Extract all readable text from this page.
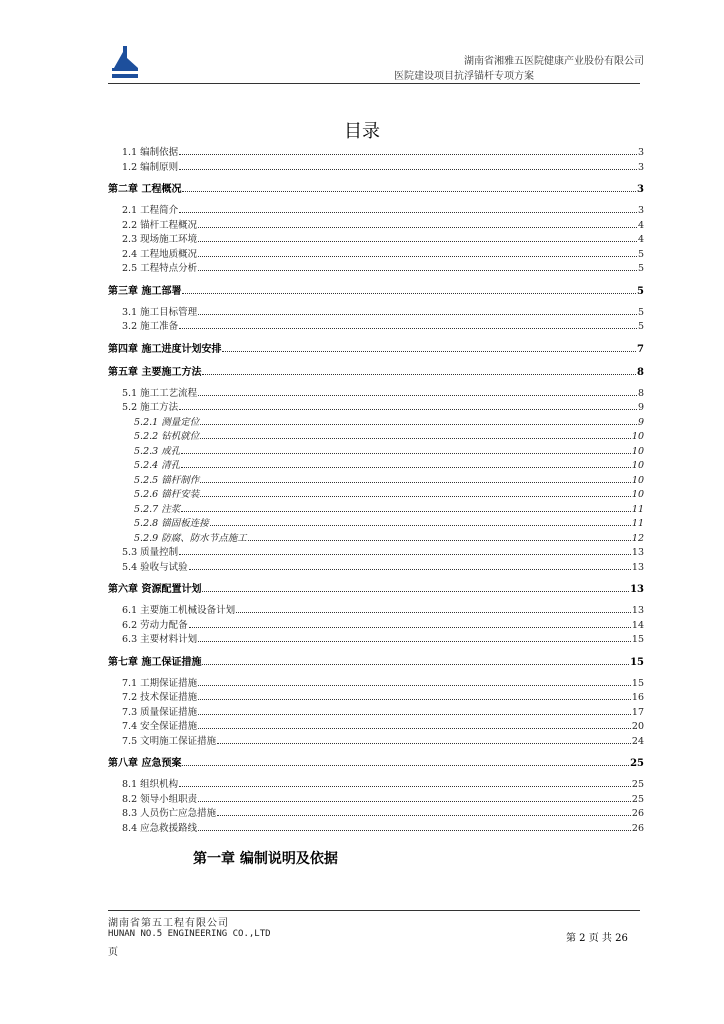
湖南省湘雅五医院健康产业股份有限公司
医院建设项目抗浮锚杆专项方案
目录
1.1 编制依据	3
1.2 编制原则	3
第二章 工程概况	3
2.1 工程简介	3
2.2 锚杆工程概况	4
2.3 现场施工环境	4
2.4 工程地质概况	5
2.5 工程特点分析	5
第三章 施工部署	5
3.1 施工目标管理	5
3.2 施工准备	5
第四章 施工进度计划安排	7
第五章 主要施工方法	8
5.1 施工工艺流程	8
5.2 施工方法	9
5.2.1 测量定位	9
5.2.2 钻机就位	10
5.2.3 成孔	10
5.2.4 清孔	10
5.2.5 锚杆制作	10
5.2.6 锚杆安装	10
5.2.7 注浆	11
5.2.8 锚固板连接	11
5.2.9 防腐、防水节点施工	12
5.3 质量控制	13
5.4 验收与试验	13
第六章 资源配置计划	13
6.1 主要施工机械设备计划	13
6.2 劳动力配备	14
6.3 主要材料计划	15
第七章 施工保证措施	15
7.1 工期保证措施	15
7.2 技术保证措施	16
7.3 质量保证措施	17
7.4 安全保证措施	20
7.5 文明施工保证措施	24
第八章 应急预案	25
8.1 组织机构	25
8.2 领导小组职责	25
8.3 人员伤亡应急措施	26
8.4 应急救援路线	26
第一章 编制说明及依据
湖南省第五工程有限公司
HUNAN NO.5 ENGINEERING CO.,LTD
页
第 2 页 共 26
